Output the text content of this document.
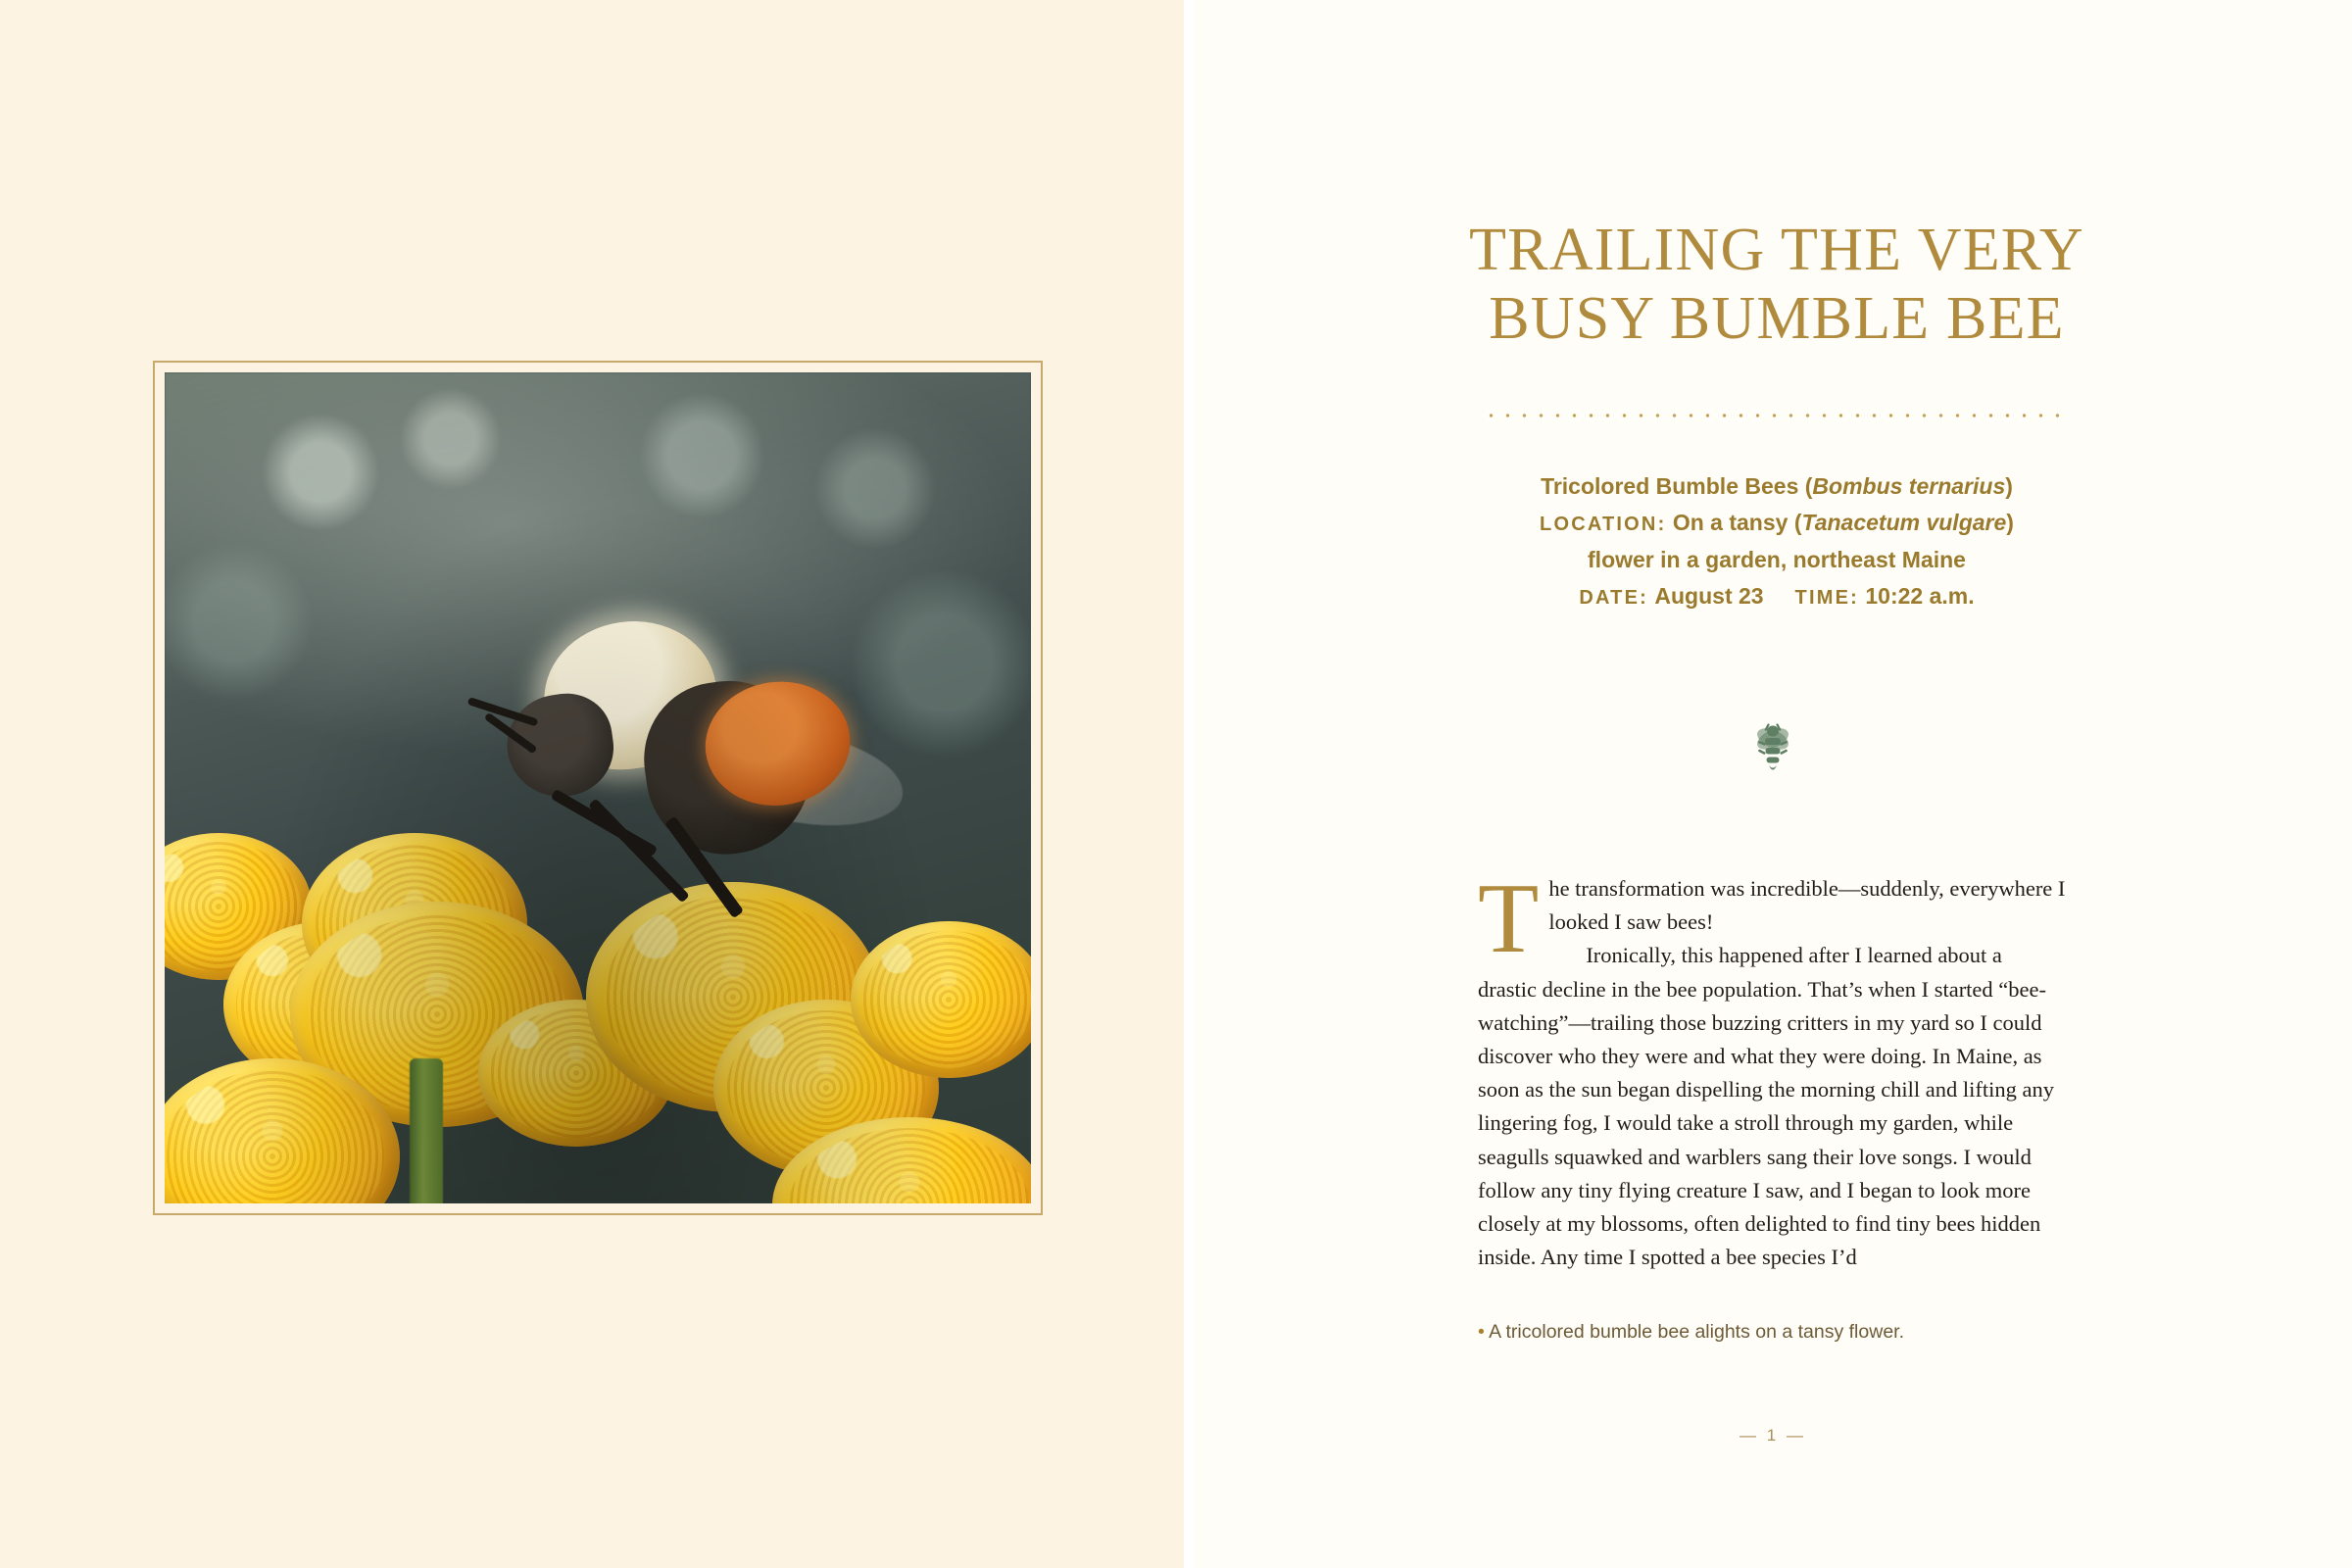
TRAILING THE VERY
BUSY BUMBLE BEE
Tricolored Bumble Bees (Bombus ternarius)
LOCATION: On a tansy (Tanacetum vulgare)
flower in a garden, northeast Maine
DATE: August 23 TIME: 10:22 a.m.
The transformation was incredible—suddenly, everywhere I looked I saw bees!
Ironically, this happened after I learned about a drastic decline in the bee population. That’s when I started “bee-watching”—trailing those buzzing critters in my yard so I could discover who they were and what they were doing. In Maine, as soon as the sun began dispelling the morning chill and lifting any lingering fog, I would take a stroll through my garden, while seagulls squawked and warblers sang their love songs. I would follow any tiny flying creature I saw, and I began to look more closely at my blossoms, often delighted to find tiny bees hidden inside. Any time I spotted a bee species I’d
• A tricolored bumble bee alights on a tansy flower.
— 1 —
